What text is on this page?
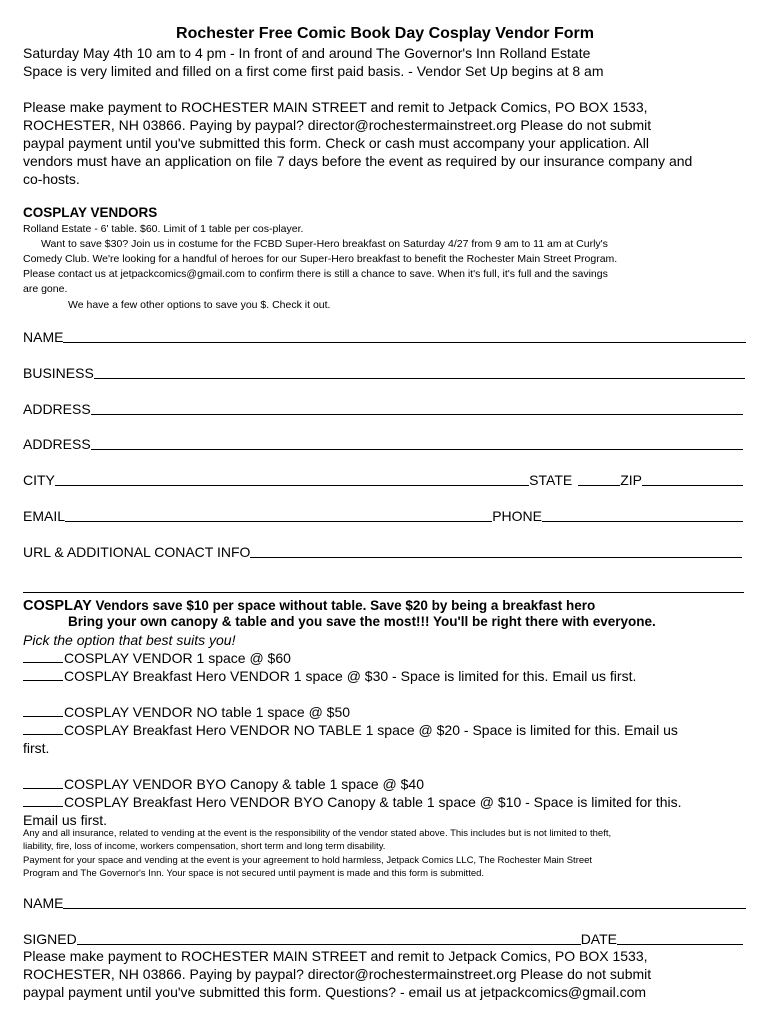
Rochester Free Comic Book Day Cosplay Vendor Form
Saturday May 4th 10 am to 4 pm - In front of and around The Governor's Inn Rolland Estate
Space is very limited and filled on a first come first paid basis. - Vendor Set Up begins at 8 am
Please make payment to ROCHESTER MAIN STREET and remit to Jetpack Comics, PO BOX 1533,
ROCHESTER, NH 03866. Paying by paypal? director@rochestermainstreet.org Please do not submit
paypal payment until you've submitted this form. Check or cash must accompany your application. All
vendors must have an application on file 7 days before the event as required by our insurance company and
co-hosts.
COSPLAY VENDORS
Rolland Estate - 6' table. $60. Limit of 1 table per cos-player.
Want to save $30? Join us in costume for the FCBD Super-Hero breakfast on Saturday 4/27 from 9 am to 11 am at Curly's
Comedy Club. We're looking for a handful of heroes for our Super-Hero breakfast to benefit the Rochester Main Street Program.
Please contact us at jetpackcomics@gmail.com to confirm there is still a chance to save. When it's full, it's full and the savings
are gone.
We have a few other options to save you $. Check it out.
NAME
BUSINESS
ADDRESS
ADDRESS
CITY	STATE	ZIP
EMAIL	PHONE
URL & ADDITIONAL CONACT INFO
COSPLAY Vendors save $10 per space without table. Save $20 by being a breakfast hero
Bring your own canopy & table and you save the most!!! You'll be right there with everyone.
Pick the option that best suits you!
COSPLAY VENDOR 1 space @ $60
COSPLAY Breakfast Hero VENDOR 1 space @ $30 - Space is limited for this. Email us first.
COSPLAY VENDOR NO table 1 space @ $50
COSPLAY Breakfast Hero VENDOR NO TABLE 1 space @ $20 - Space is limited for this. Email us
first.
COSPLAY VENDOR BYO Canopy & table 1 space @ $40
COSPLAY Breakfast Hero VENDOR BYO Canopy & table 1 space @ $10 - Space is limited for this.
Email us first.
Any and all insurance, related to vending at the event is the responsibility of the vendor stated above. This includes but is not limited to theft,
liability, fire, loss of income, workers compensation, short term and long term disability.
Payment for your space and vending at the event is your agreement to hold harmless, Jetpack Comics LLC, The Rochester Main Street
Program and The Governor's Inn. Your space is not secured until payment is made and this form is submitted.
NAME
SIGNED	DATE
Please make payment to ROCHESTER MAIN STREET and remit to Jetpack Comics, PO BOX 1533,
ROCHESTER, NH 03866. Paying by paypal? director@rochestermainstreet.org Please do not submit
paypal payment until you've submitted this form. Questions? - email us at jetpackcomics@gmail.com
